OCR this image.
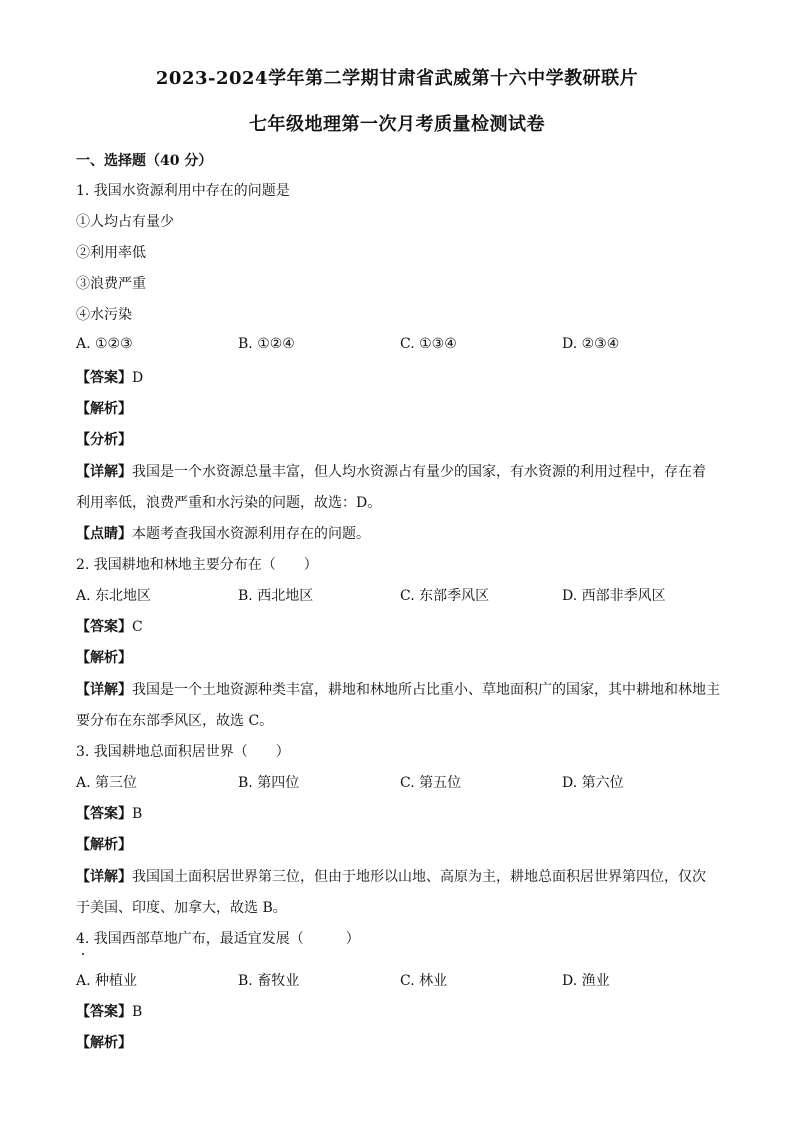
2023-2024学年第二学期甘肃省武威第十六中学教研联片
七年级地理第一次月考质量检测试卷
一、选择题（40 分）
1. 我国水资源利用中存在的问题是
①人均占有量少
②利用率低
③浪费严重
④水污染
A. ①②③	B. ①②④	C. ①③④	D. ②③④
【答案】D
【解析】
【分析】
【详解】我国是一个水资源总量丰富，但人均水资源占有量少的国家，有水资源的利用过程中，存在着
利用率低，浪费严重和水污染的问题，故选：D。
【点睛】本题考查我国水资源利用存在的问题。
2. 我国耕地和林地主要分布在（　　）
A. 东北地区	B. 西北地区	C. 东部季风区	D. 西部非季风区
【答案】C
【解析】
【详解】我国是一个土地资源种类丰富，耕地和林地所占比重小、草地面积广的国家，其中耕地和林地主
要分布在东部季风区，故选 C。
3. 我国耕地总面积居世界（　　）
A. 第三位	B. 第四位	C. 第五位	D. 第六位
【答案】B
【解析】
【详解】我国国土面积居世界第三位，但由于地形以山地、高原为主，耕地总面积居世界第四位，仅次
于美国、印度、加拿大，故选 B。
4. 我国西部草地广布，最适宜发展（　　　）
A. 种植业	B. 畜牧业	C. 林业	D. 渔业
【答案】B
【解析】
